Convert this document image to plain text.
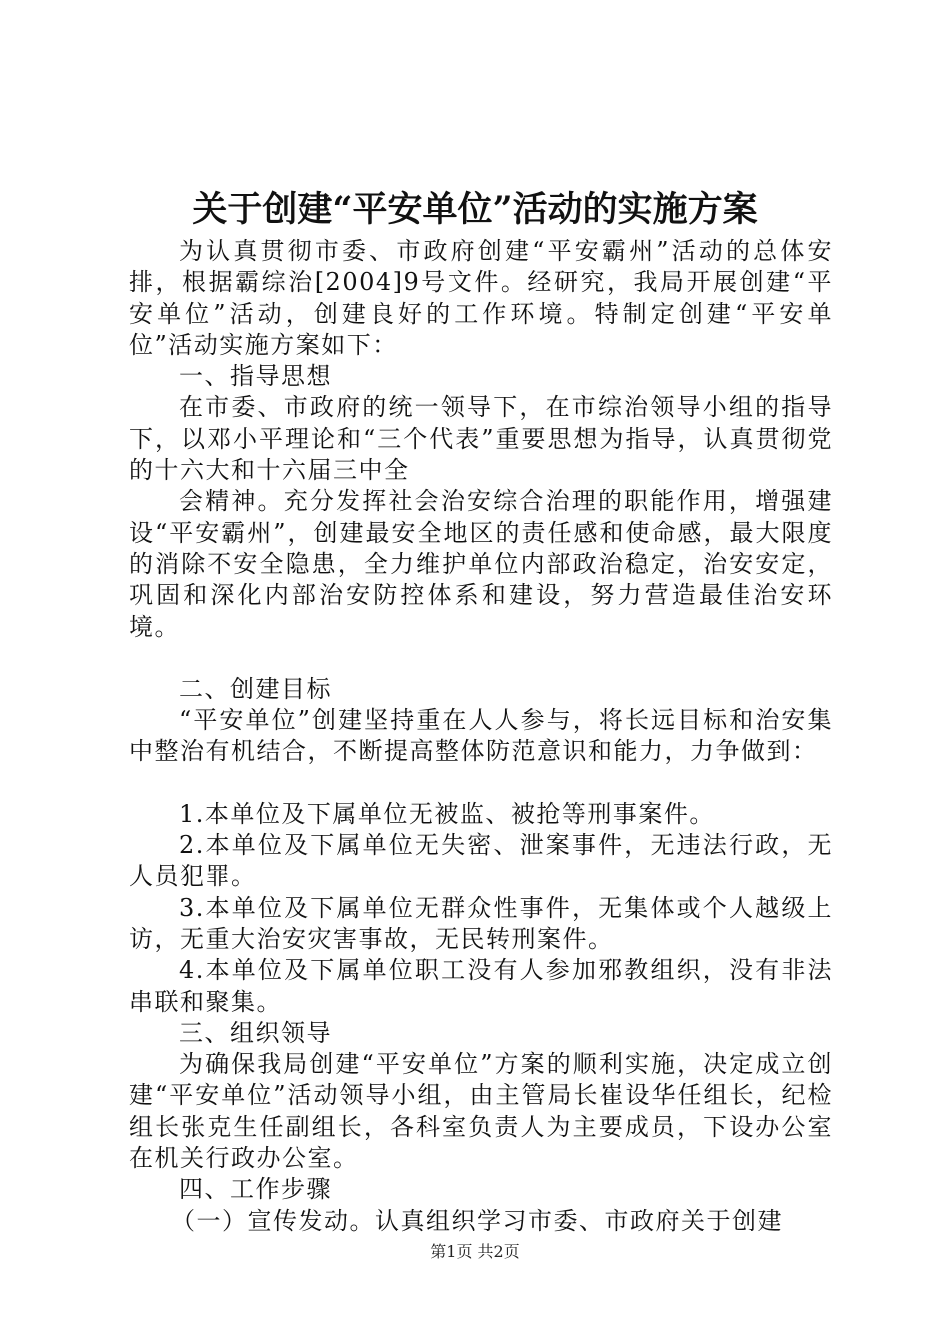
关于创建“平安单位”活动的实施方案

为认真贯彻市委、市政府创建“平安霸州”活动的总体安排，根据霸综治[2004]9号文件。经研究，我局开展创建“平安单位”活动，创建良好的工作环境。特制定创建“平安单位”活动实施方案如下：

一、指导思想

在市委、市政府的统一领导下，在市综治领导小组的指导下，以邓小平理论和“三个代表”重要思想为指导，认真贯彻党的十六大和十六届三中全

会精神。充分发挥社会治安综合治理的职能作用，增强建设“平安霸州”，创建最安全地区的责任感和使命感，最大限度的消除不安全隐患，全力维护单位内部政治稳定，治安安定，巩固和深化内部治安防控体系和建设，努力营造最佳治安环境。

二、创建目标

“平安单位”创建坚持重在人人参与，将长远目标和治安集中整治有机结合，不断提高整体防范意识和能力，力争做到：

1.本单位及下属单位无被监、被抢等刑事案件。

2.本单位及下属单位无失密、泄案事件，无违法行政，无人员犯罪。

3.本单位及下属单位无群众性事件，无集体或个人越级上访，无重大治安灾害事故，无民转刑案件。

4.本单位及下属单位职工没有人参加邪教组织，没有非法串联和聚集。

三、组织领导

为确保我局创建“平安单位”方案的顺利实施，决定成立创建“平安单位”活动领导小组，由主管局长崔设华任组长，纪检组长张克生任副组长，各科室负责人为主要成员，下设办公室在机关行政办公室。

四、工作步骤

（一）宣传发动。认真组织学习市委、市政府关于创建

第1页 共2页
